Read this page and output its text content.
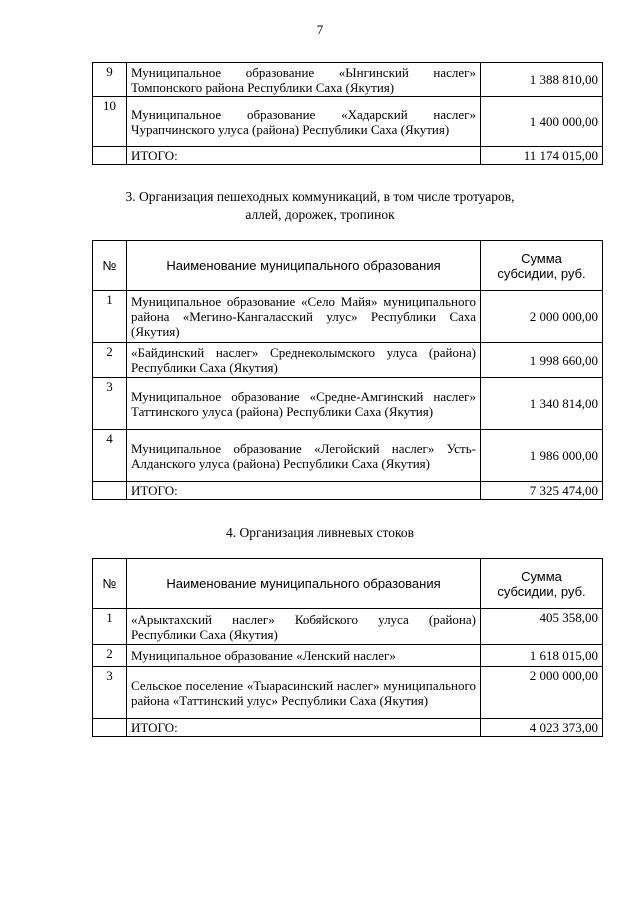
7
9	Муниципальное образование «Ынгинский наслег» Томпонского района Республики Саха (Якутия)	1 388 810,00
10	Муниципальное образование «Хадарский наслег» Чурапчинского улуса (района) Республики Саха (Якутия)	1 400 000,00
	ИТОГО:	11 174 015,00
3. Организация пешеходных коммуникаций, в том числе тротуаров,
аллей, дорожек, тропинок
№	Наименование муниципального образования	Сумма
субсидии, руб.

1	Муниципальное образование «Село Майя» муниципального района «Мегино-Кангаласский улус» Республики Саха (Якутия)	2 000 000,00
2	«Байдинский наслег» Среднеколымского улуса (района) Республики Саха (Якутия)	1 998 660,00
3	Муниципальное образование «Средне-Амгинский наслег» Таттинского улуса (района) Республики Саха (Якутия)	1 340 814,00
4	Муниципальное образование «Легойский наслег» Усть-Алданского улуса (района) Республики Саха (Якутия)	1 986 000,00
	ИТОГО:	7 325 474,00
4. Организация ливневых стоков
№	Наименование муниципального образования	Сумма
субсидии, руб.

1	«Арыктахский наслег» Кобяйского улуса (района) Республики Саха (Якутия)	405 358,00
2	Муниципальное образование «Ленский наслег»	1 618 015,00
3	Сельское поселение «Тыарасинский наслег» муниципального района «Таттинский улус» Республики Саха (Якутия)	2 000 000,00
	ИТОГО:	4 023 373,00
